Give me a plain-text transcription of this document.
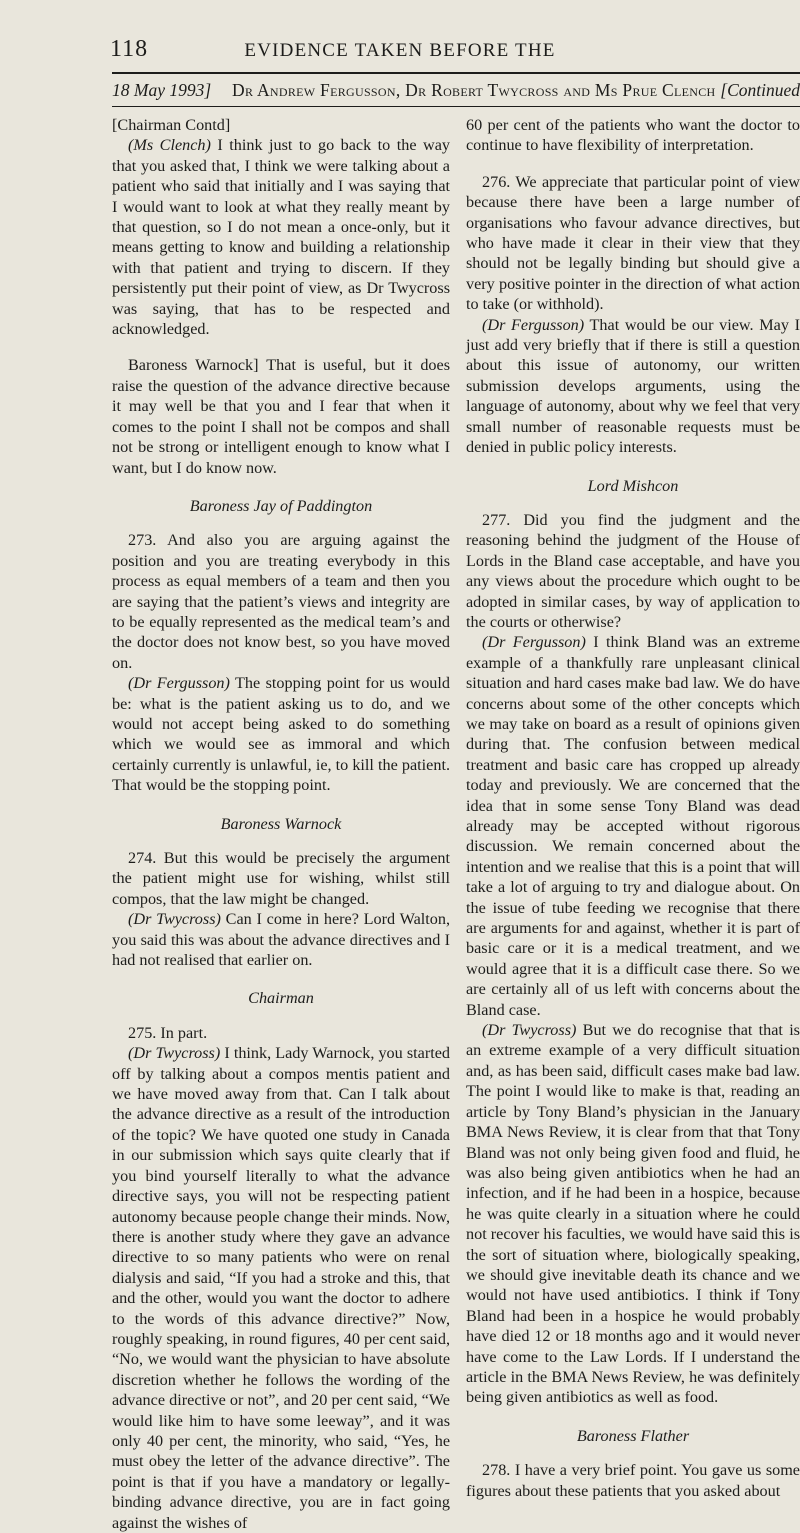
118	EVIDENCE TAKEN BEFORE THE
18 May 1993] Dr Andrew Fergusson, Dr Robert Twycross and Ms Prue Clench [Continued

[Chairman Contd]

(Ms Clench) I think just to go back to the way that you asked that, I think we were talking about a patient who said that initially and I was saying that I would want to look at what they really meant by that question, so I do not mean a once-only, but it means getting to know and building a relationship with that patient and trying to discern. If they persistently put their point of view, as Dr Twycross was saying, that has to be respected and acknowledged.

Baroness Warnock] That is useful, but it does raise the question of the advance directive because it may well be that you and I fear that when it comes to the point I shall not be compos and shall not be strong or intelligent enough to know what I want, but I do know now.

Baroness Jay of Paddington

273. And also you are arguing against the position and you are treating everybody in this process as equal members of a team and then you are saying that the patient’s views and integrity are to be equally represented as the medical team’s and the doctor does not know best, so you have moved on.

(Dr Fergusson) The stopping point for us would be: what is the patient asking us to do, and we would not accept being asked to do something which we would see as immoral and which certainly currently is unlawful, ie, to kill the patient. That would be the stopping point.

Baroness Warnock

274. But this would be precisely the argument the patient might use for wishing, whilst still compos, that the law might be changed.

(Dr Twycross) Can I come in here? Lord Walton, you said this was about the advance directives and I had not realised that earlier on.

Chairman

275. In part.

(Dr Twycross) I think, Lady Warnock, you started off by talking about a compos mentis patient and we have moved away from that. Can I talk about the advance directive as a result of the introduction of the topic? We have quoted one study in Canada in our submission which says quite clearly that if you bind yourself literally to what the advance directive says, you will not be respecting patient autonomy because people change their minds. Now, there is another study where they gave an advance directive to so many patients who were on renal dialysis and said, “If you had a stroke and this, that and the other, would you want the doctor to adhere to the words of this advance directive?” Now, roughly speaking, in round figures, 40 per cent said, “No, we would want the physician to have absolute discretion whether he follows the wording of the advance directive or not”, and 20 per cent said, “We would like him to have some leeway”, and it was only 40 per cent, the minority, who said, “Yes, he must obey the letter of the advance directive”. The point is that if you have a mandatory or legally-binding advance directive, you are in fact going against the wishes of

60 per cent of the patients who want the doctor to continue to have flexibility of interpretation.

276. We appreciate that particular point of view because there have been a large number of organisations who favour advance directives, but who have made it clear in their view that they should not be legally binding but should give a very positive pointer in the direction of what action to take (or withhold).

(Dr Fergusson) That would be our view. May I just add very briefly that if there is still a question about this issue of autonomy, our written submission develops arguments, using the language of autonomy, about why we feel that very small number of reasonable requests must be denied in public policy interests.

Lord Mishcon

277. Did you find the judgment and the reasoning behind the judgment of the House of Lords in the Bland case acceptable, and have you any views about the procedure which ought to be adopted in similar cases, by way of application to the courts or otherwise?

(Dr Fergusson) I think Bland was an extreme example of a thankfully rare unpleasant clinical situation and hard cases make bad law. We do have concerns about some of the other concepts which we may take on board as a result of opinions given during that. The confusion between medical treatment and basic care has cropped up already today and previously. We are concerned that the idea that in some sense Tony Bland was dead already may be accepted without rigorous discussion. We remain concerned about the intention and we realise that this is a point that will take a lot of arguing to try and dialogue about. On the issue of tube feeding we recognise that there are arguments for and against, whether it is part of basic care or it is a medical treatment, and we would agree that it is a difficult case there. So we are certainly all of us left with concerns about the Bland case.

(Dr Twycross) But we do recognise that that is an extreme example of a very difficult situation and, as has been said, difficult cases make bad law. The point I would like to make is that, reading an article by Tony Bland’s physician in the January BMA News Review, it is clear from that that Tony Bland was not only being given food and fluid, he was also being given antibiotics when he had an infection, and if he had been in a hospice, because he was quite clearly in a situation where he could not recover his faculties, we would have said this is the sort of situation where, biologically speaking, we should give inevitable death its chance and we would not have used antibiotics. I think if Tony Bland had been in a hospice he would probably have died 12 or 18 months ago and it would never have come to the Law Lords. If I understand the article in the BMA News Review, he was definitely being given antibiotics as well as food.

Baroness Flather

278. I have a very brief point. You gave us some figures about these patients that you asked about
